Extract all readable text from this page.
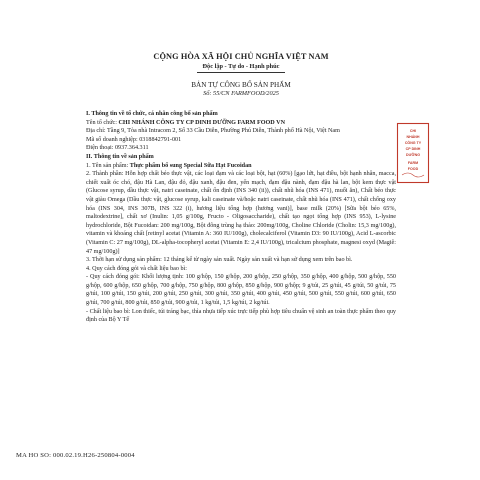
CỘNG HÒA XÃ HỘI CHỦ NGHĨA VIỆT NAM
Độc lập - Tự do - Hạnh phúc
BẢN TỰ CÔNG BỐ SẢN PHẨM
Số: 55/CN FARMFOOD/2025

I. Thông tin về tổ chức, cá nhân công bố sản phẩm

Tên tổ chức: CHI NHÁNH CÔNG TY CP DINH DƯỠNG FARM FOOD VN

Địa chỉ: Tầng 9, Tòa nhà Intracom 2, Số 33 Cầu Diễn, Phường Phú Diễn, Thành phố Hà Nội, Việt Nam

Mã số doanh nghiệp: 0318842791-001

Điện thoại: 0937.364.311

II. Thông tin về sản phẩm

1. Tên sản phẩm: Thực phẩm bổ sung Special Sữa Hạt Fucoidan

2. Thành phần: Hỗn hợp chất béo thực vật, các loại đạm và các loại bột, hạt (60%) [gạo lứt, hạt điều, bột hạnh nhân, macca, chiết xuất óc chó, đậu Hà Lan, đậu đỏ, đậu xanh, đậu đen, yến mạch, đạm đậu nành, đạm đậu hà lan, bột kem thực vật (Glucose syrup, dầu thực vật, natri caseinate, chất ổn định (INS 340 (ii)), chất nhũ hóa (INS 471), muối ăn), Chất béo thực vật giàu Omega (Dầu thực vật, glucose syrup, kali caseinate và/hoặc natri caseinate, chất nhũ hóa (INS 471), chất chống oxy hóa (INS 304, INS 307B, INS 322 (i), hương liệu tổng hợp (hương vani)], base milk (20%) [Sữa bột béo 65%, maltodextrine], chất xơ (Inulin: 1,05 g/100g, Fructo - Oligosaccharide), chất tạo ngọt tổng hợp (INS 953), L-lysine hydrochloride, Bột Fucoidan: 200 mg/100g, Bột đông trùng hạ thảo: 200mg/100g, Choline Chloride (Cholin: 15,3 mg/100g), vitamin và khoáng chất [retinyl acetat (Vitamin A: 360 IU/100g), cholecalciferol (Vitamin D3: 90 IU/100g), Acid L-ascorbic (Vitamin C: 27 mg/100g), DL-alpha-tocopheryl acetat (Vitamin E: 2,4 IU/100g), tricalcium phosphate, magnesi oxyd (Magiê: 47 mg/100g)]

3. Thời hạn sử dụng sản phẩm: 12 tháng kể từ ngày sản xuất. Ngày sản xuất và hạn sử dụng xem trên bao bì.

4. Quy cách đóng gói và chất liệu bao bì:

- Quy cách đóng gói: Khối lượng tịnh: 100 g/hộp, 150 g/hộp, 200 g/hộp, 250 g/hộp, 350 g/hộp, 400 g/hộp, 500 g/hộp, 550 g/hộp, 600 g/hộp, 650 g/hộp, 700 g/hộp, 750 g/hộp, 800 g/hộp, 850 g/hộp, 900 g/hộp; 9 g/túi, 25 g/túi, 45 g/túi, 50 g/túi, 75 g/túi, 100 g/túi, 150 g/túi, 200 g/túi, 250 g/túi, 300 g/túi, 350 g/túi, 400 g/túi, 450 g/túi, 500 g/túi, 550 g/túi, 600 g/túi, 650 g/túi, 700 g/túi, 800 g/túi, 850 g/túi, 900 g/túi, 1 kg/túi, 1,5 kg/túi, 2 kg/túi.

- Chất liệu bao bì: Lon thiếc, túi tráng bạc, thìa nhựa tiếp xúc trực tiếp phù hợp tiêu chuẩn vệ sinh an toàn thực phẩm theo quy định của Bộ Y Tế

CHI
NHÁNH
CÔNG TY
CP DINH
DƯỠNG
FARM
FOOD
MA HO SO: 000.02.19.H26-250804-0004
